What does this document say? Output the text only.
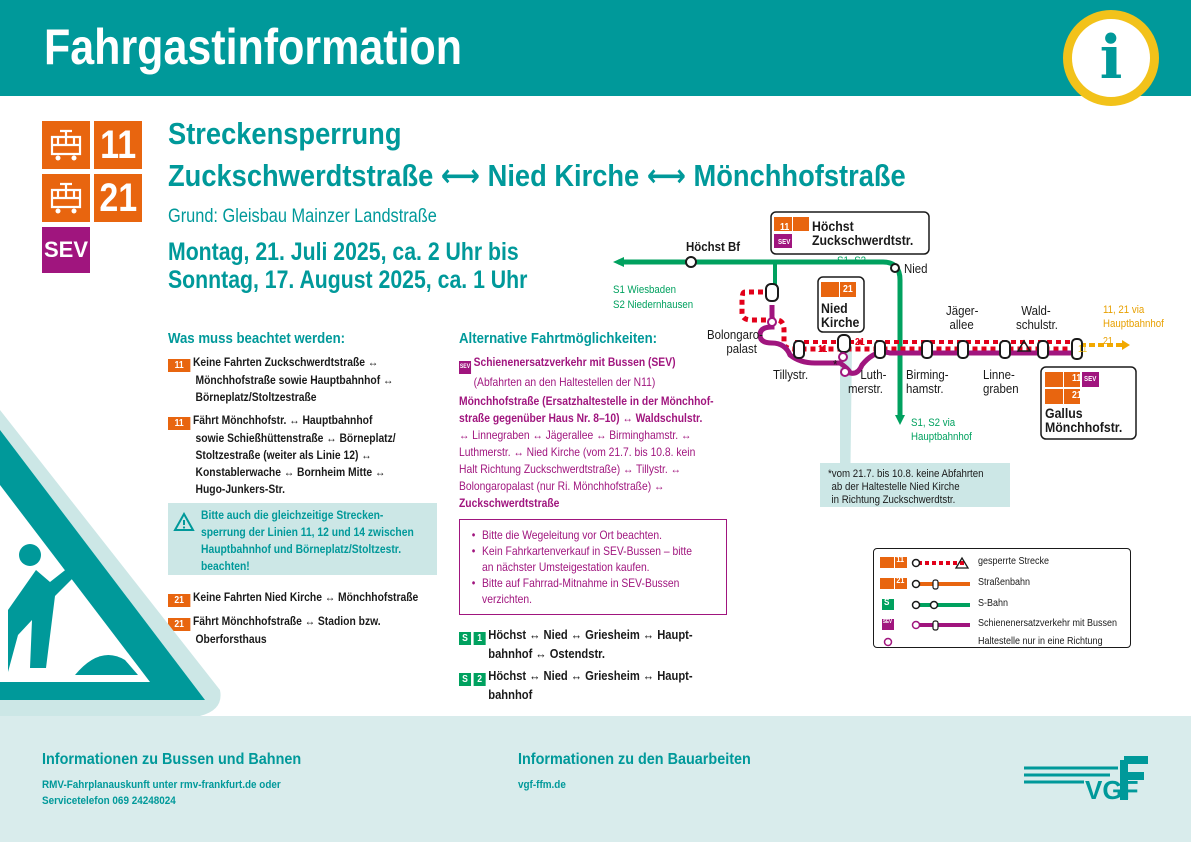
Fahrgastinformation	i
11
21
SEV
Streckensperrung
Zuckschwerdtstraße ⟷ Nied Kirche ⟷ Mönchhofstraße
Grund: Gleisbau Mainzer Landstraße
Montag, 21. Juli 2025, ca. 2 Uhr bis
Sonntag, 17. August 2025, ca. 1 Uhr
Was muss beachtet werden:
11 Keine Fahrten Zuckschwerdtstraße ↔
Mönchhofstraße sowie Hauptbahnhof ↔
Börneplatz/Stoltzestraße
11 Fährt Mönchhofstr. ↔ Hauptbahnhof
sowie Schießhüttenstraße ↔ Börneplatz/
Stoltzestraße (weiter als Linie 12) ↔
Konstablerwache ↔ Bornheim Mitte ↔
Hugo-Junkers-Str.
Bitte auch die gleichzeitige Strecken-
sperrung der Linien 11, 12 und 14 zwischen
Hauptbahnhof und Börneplatz/Stoltzestr.
beachten!
21 Keine Fahrten Nied Kirche ↔ Mönchhofstraße
21 Fährt Mönchhofstraße ↔ Stadion bzw.
Oberforsthaus
Alternative Fahrtmöglichkeiten:
SEV Schienenersatzverkehr mit Bussen (SEV)
(Abfahrten an den Haltestellen der N11)
Mönchhofstraße (Ersatzhaltestelle in der Mönchhof-
straße gegenüber Haus Nr. 8–10) ↔ Waldschulstr.
↔ Linnegraben ↔ Jägerallee ↔ Birminghamstr. ↔
Luthmerstr. ↔ Nied Kirche (vom 21.7. bis 10.8. kein
Halt Richtung Zuckschwerdtstraße) ↔ Tillystr. ↔
Bolongaropalast (nur Ri. Mönchhofstraße) ↔
Zuckschwerdtstraße
• Bitte die Wegeleitung vor Ort beachten.
• Kein Fahrkartenverkauf in SEV-Bussen – bitte
an nächster Umsteigestation kaufen.
• Bitte auf Fahrrad-Mitnahme in SEV-Bussen
verzichten.
S 1 Höchst ↔ Nied ↔ Griesheim ↔ Haupt-
bahnhof ↔ Ostendstr.
S 2 Höchst ↔ Nied ↔ Griesheim ↔ Haupt-
bahnhof
Höchst Bf
S1 Wiesbaden
S2 Niedernhausen
S1–S2	Nied
11
SEV
Höchst
Zuckschwerdtstr.
21
Nied
Kirche
Bolongaro-
palast
Tillystr.	Luth-
merstr.
Birming-
hamstr.
Jäger-
allee
Linne-
graben
Wald-
schulstr.
11, 21 via
Hauptbahnhof
21
11
11
21
*
S1, S2 via
Hauptbahnhof
11 SEV
21
Gallus
Mönchhofstr.
*vom 21.7. bis 10.8. keine Abfahrten
ab der Haltestelle Nied Kirche
in Richtung Zuckschwerdtstr.
11
21
S
SEV
gesperrte Strecke
Straßenbahn
S-Bahn
Schienenersatzverkehr mit Bussen
Haltestelle nur in eine Richtung
Informationen zu Bussen und Bahnen
RMV-Fahrplanauskunft unter rmv-frankfurt.de oder
Servicetelefon 069 24248024
Informationen zu den Bauarbeiten
vgf-ffm.de	VGF
